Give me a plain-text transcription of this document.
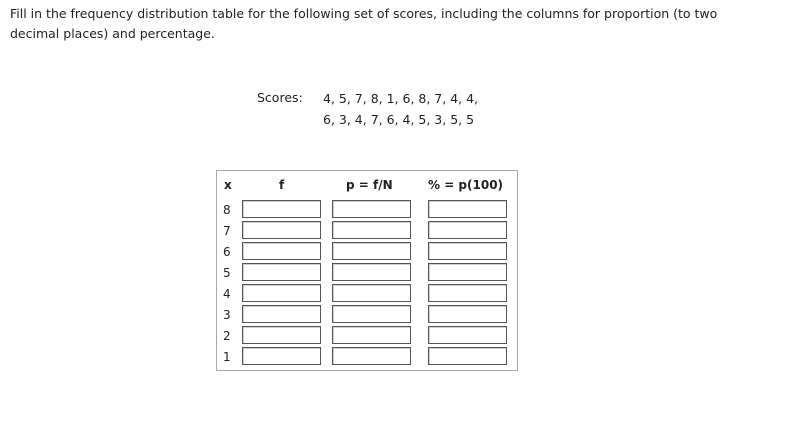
Fill in the frequency distribution table for the following set of scores, including the columns for proportion (to two decimal places) and percentage.
Scores: 4, 5, 7, 8, 1, 6, 8, 7, 4, 4,
6, 3, 4, 7, 6, 4, 5, 3, 5, 5
x	f	p = f/N	% = p(100)
8
7
6
5
4
3
2
1
